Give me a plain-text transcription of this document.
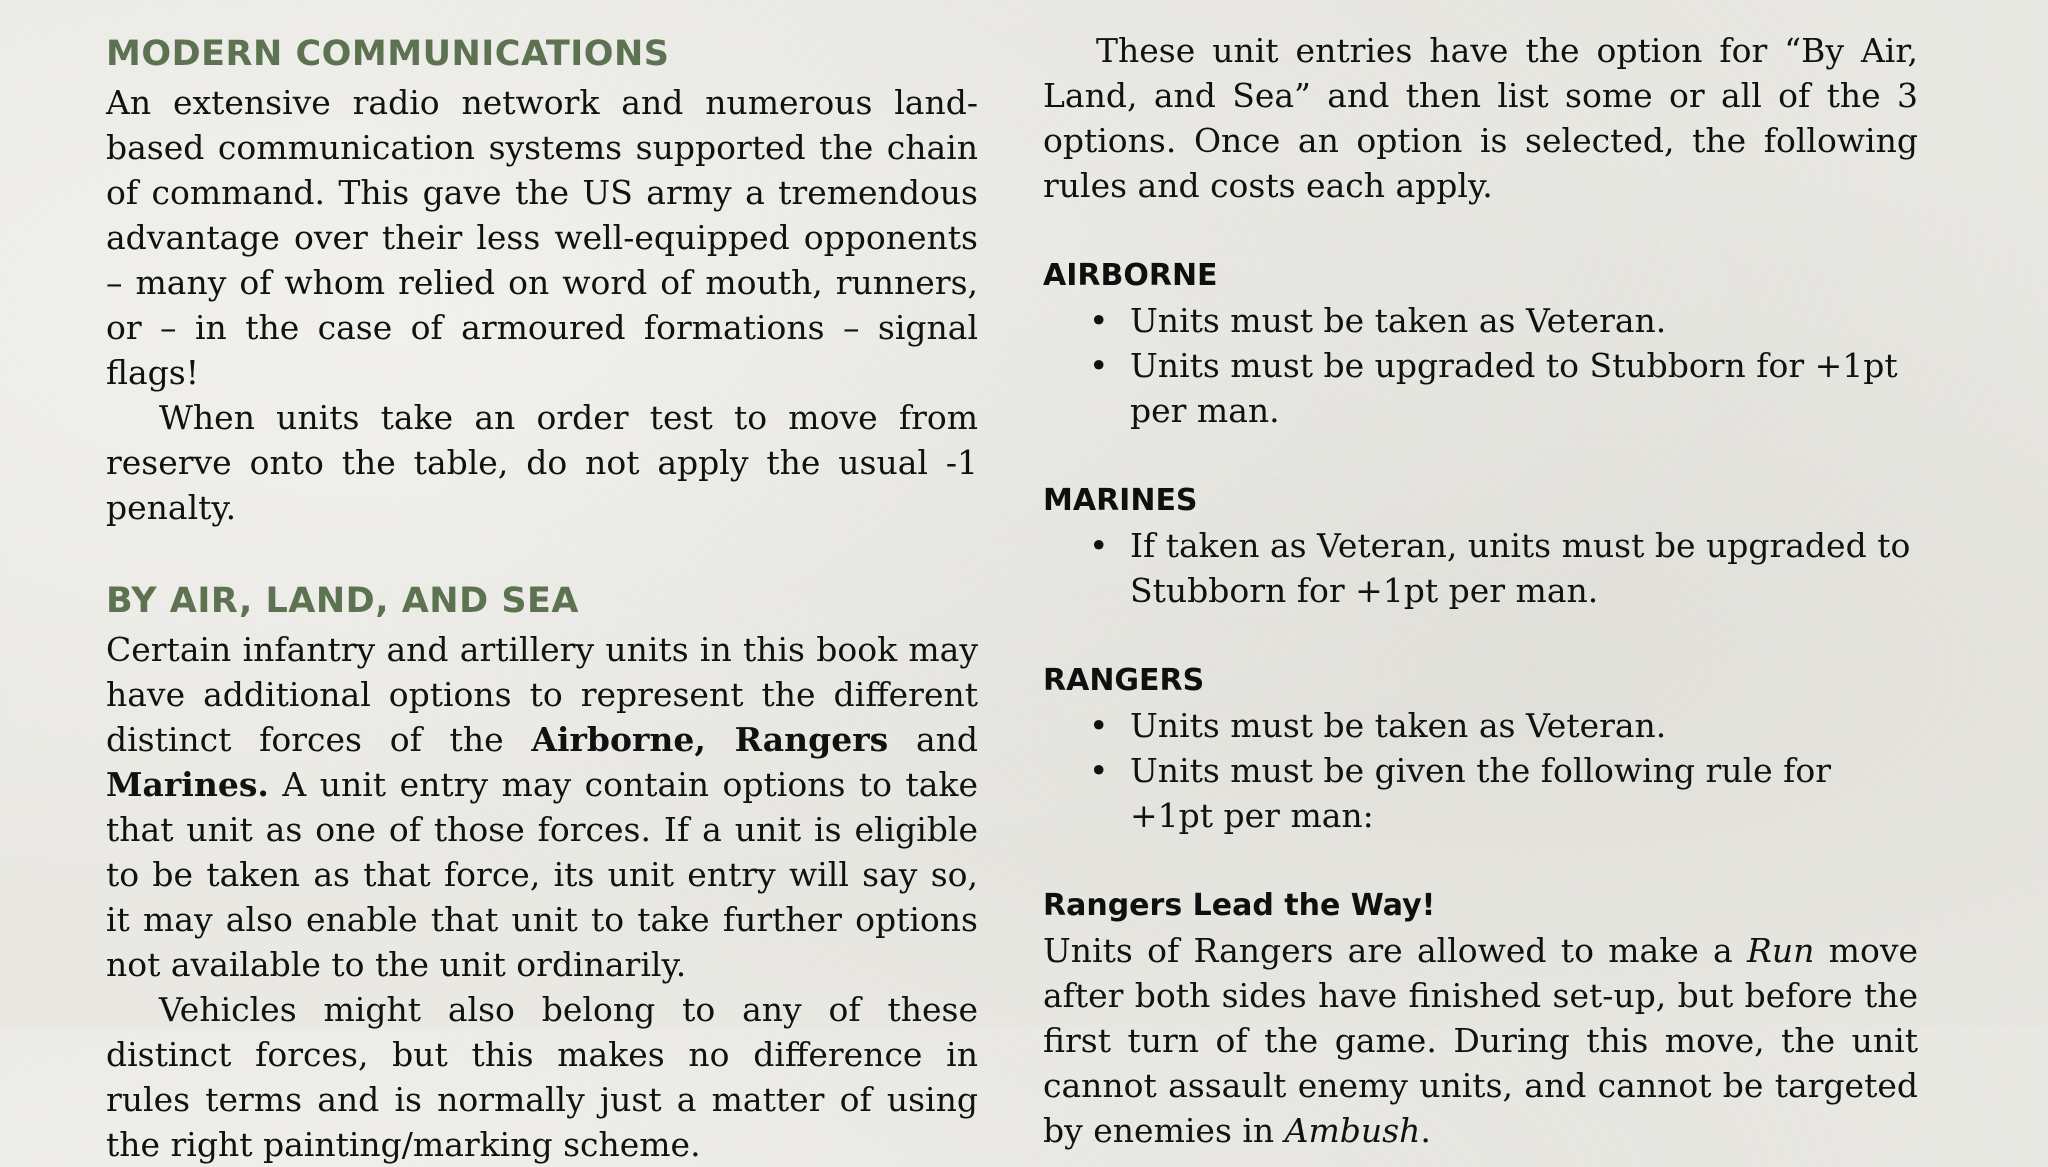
MODERN COMMUNICATIONS

An extensive radio network and numerous land-based communication systems supported the chain of command. This gave the US army a tremendous advantage over their less well-equipped opponents – many of whom relied on word of mouth, runners, or – in the case of armoured formations – signal flags!

When units take an order test to move from reserve onto the table, do not apply the usual -1 penalty.

BY AIR, LAND, AND SEA

Certain infantry and artillery units in this book may have additional options to represent the different distinct forces of the Airborne, Rangers and Marines. A unit entry may contain options to take that unit as one of those forces. If a unit is eligible to be taken as that force, its unit entry will say so, it may also enable that unit to take further options not available to the unit ordinarily.

Vehicles might also belong to any of these distinct forces, but this makes no difference in rules terms and is normally just a matter of using the right painting/marking scheme.

These unit entries have the option for “By Air, Land, and Sea” and then list some or all of the 3 options. Once an option is selected, the following rules and costs each apply.

AIRBORNE
• Units must be taken as Veteran.
• Units must be upgraded to Stubborn for +1pt per man.
MARINES
• If taken as Veteran, units must be upgraded to Stubborn for +1pt per man.
RANGERS
• Units must be taken as Veteran.
• Units must be given the following rule for +1pt per man:
Rangers Lead the Way!

Units of Rangers are allowed to make a Run move after both sides have finished set-up, but before the first turn of the game. During this move, the unit cannot assault enemy units, and cannot be targeted by enemies in Ambush.
